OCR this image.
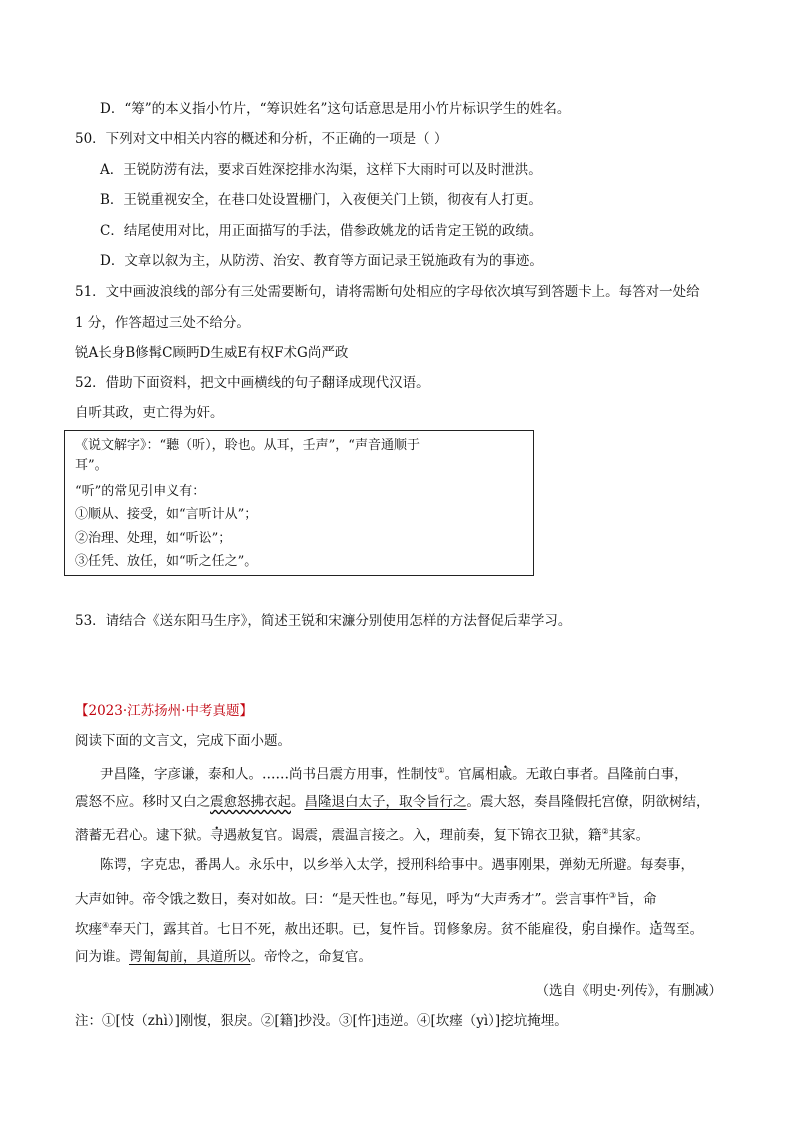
D．“筹”的本义指小竹片，“筹识姓名”这句话意思是用小竹片标识学生的姓名。
50．下列对文中相关内容的概述和分析，不正确的一项是（ ）
A．王锐防涝有法，要求百姓深挖排水沟渠，这样下大雨时可以及时泄洪。
B．王锐重视安全，在巷口处设置栅门，入夜便关门上锁，彻夜有人打更。
C．结尾使用对比，用正面描写的手法，借参政姚龙的话肯定王锐的政绩。
D．文章以叙为主，从防涝、治安、教育等方面记录王锐施政有为的事迹。
51．文中画波浪线的部分有三处需要断句，请将需断句处相应的字母依次填写到答题卡上。每答对一处给
1 分，作答超过三处不给分。
锐A长身B修髯C顾眄D生威E有权F术G尚严政
52．借助下面资料，把文中画横线的句子翻译成现代汉语。
自听其政，吏亡得为奸。
《说文解字》：“聽（听），聆也。从耳，壬声”，“声音通顺于
耳”。
“听”的常见引申义有：
①顺从、接受，如“言听计从”；
②治理、处理，如“听讼”；
③任凭、放任，如“听之任之”。
53．请结合《送东阳马生序》，简述王锐和宋濂分别使用怎样的方法督促后辈学习。
【2023·江苏扬州·中考真题】
阅读下面的文言文，完成下面小题。
尹昌隆，字彦谦，泰和人。……尚书吕震方用事，性制忮①。官属相戚。无敢白事者。昌隆前白事，
震怒不应。移时又白之震愈怒拂衣起。昌隆退白太子，取令旨行之。震大怒，奏昌隆假托宫僚，阴欲树结，
潜蓄无君心。逮下狱。寻遇赦复官。谒震，震温言接之。入，理前奏，复下锦衣卫狱，籍②其家。
陈谔，字克忠，番禺人。永乐中，以乡举入太学，授刑科给事中。遇事刚果，弹劾无所避。每奏事，
大声如钟。帝令饿之数日，奏对如故。曰：“是天性也。”每见，呼为“大声秀才”。尝言事忤③旨，命
坎瘗④奉天门，露其首。七日不死，赦出还职。已，复忤旨。罚修象房。贫不能雇役，躬自操作。适驾至。
问为谁。谔匍匐前，具道所以。帝怜之，命复官。
（选自《明史·列传》，有删减）
注：①[忮（zhì）]刚愎，狠戾。②[籍]抄没。③[忤]违逆。④[坎瘗（yì）]挖坑掩埋。
